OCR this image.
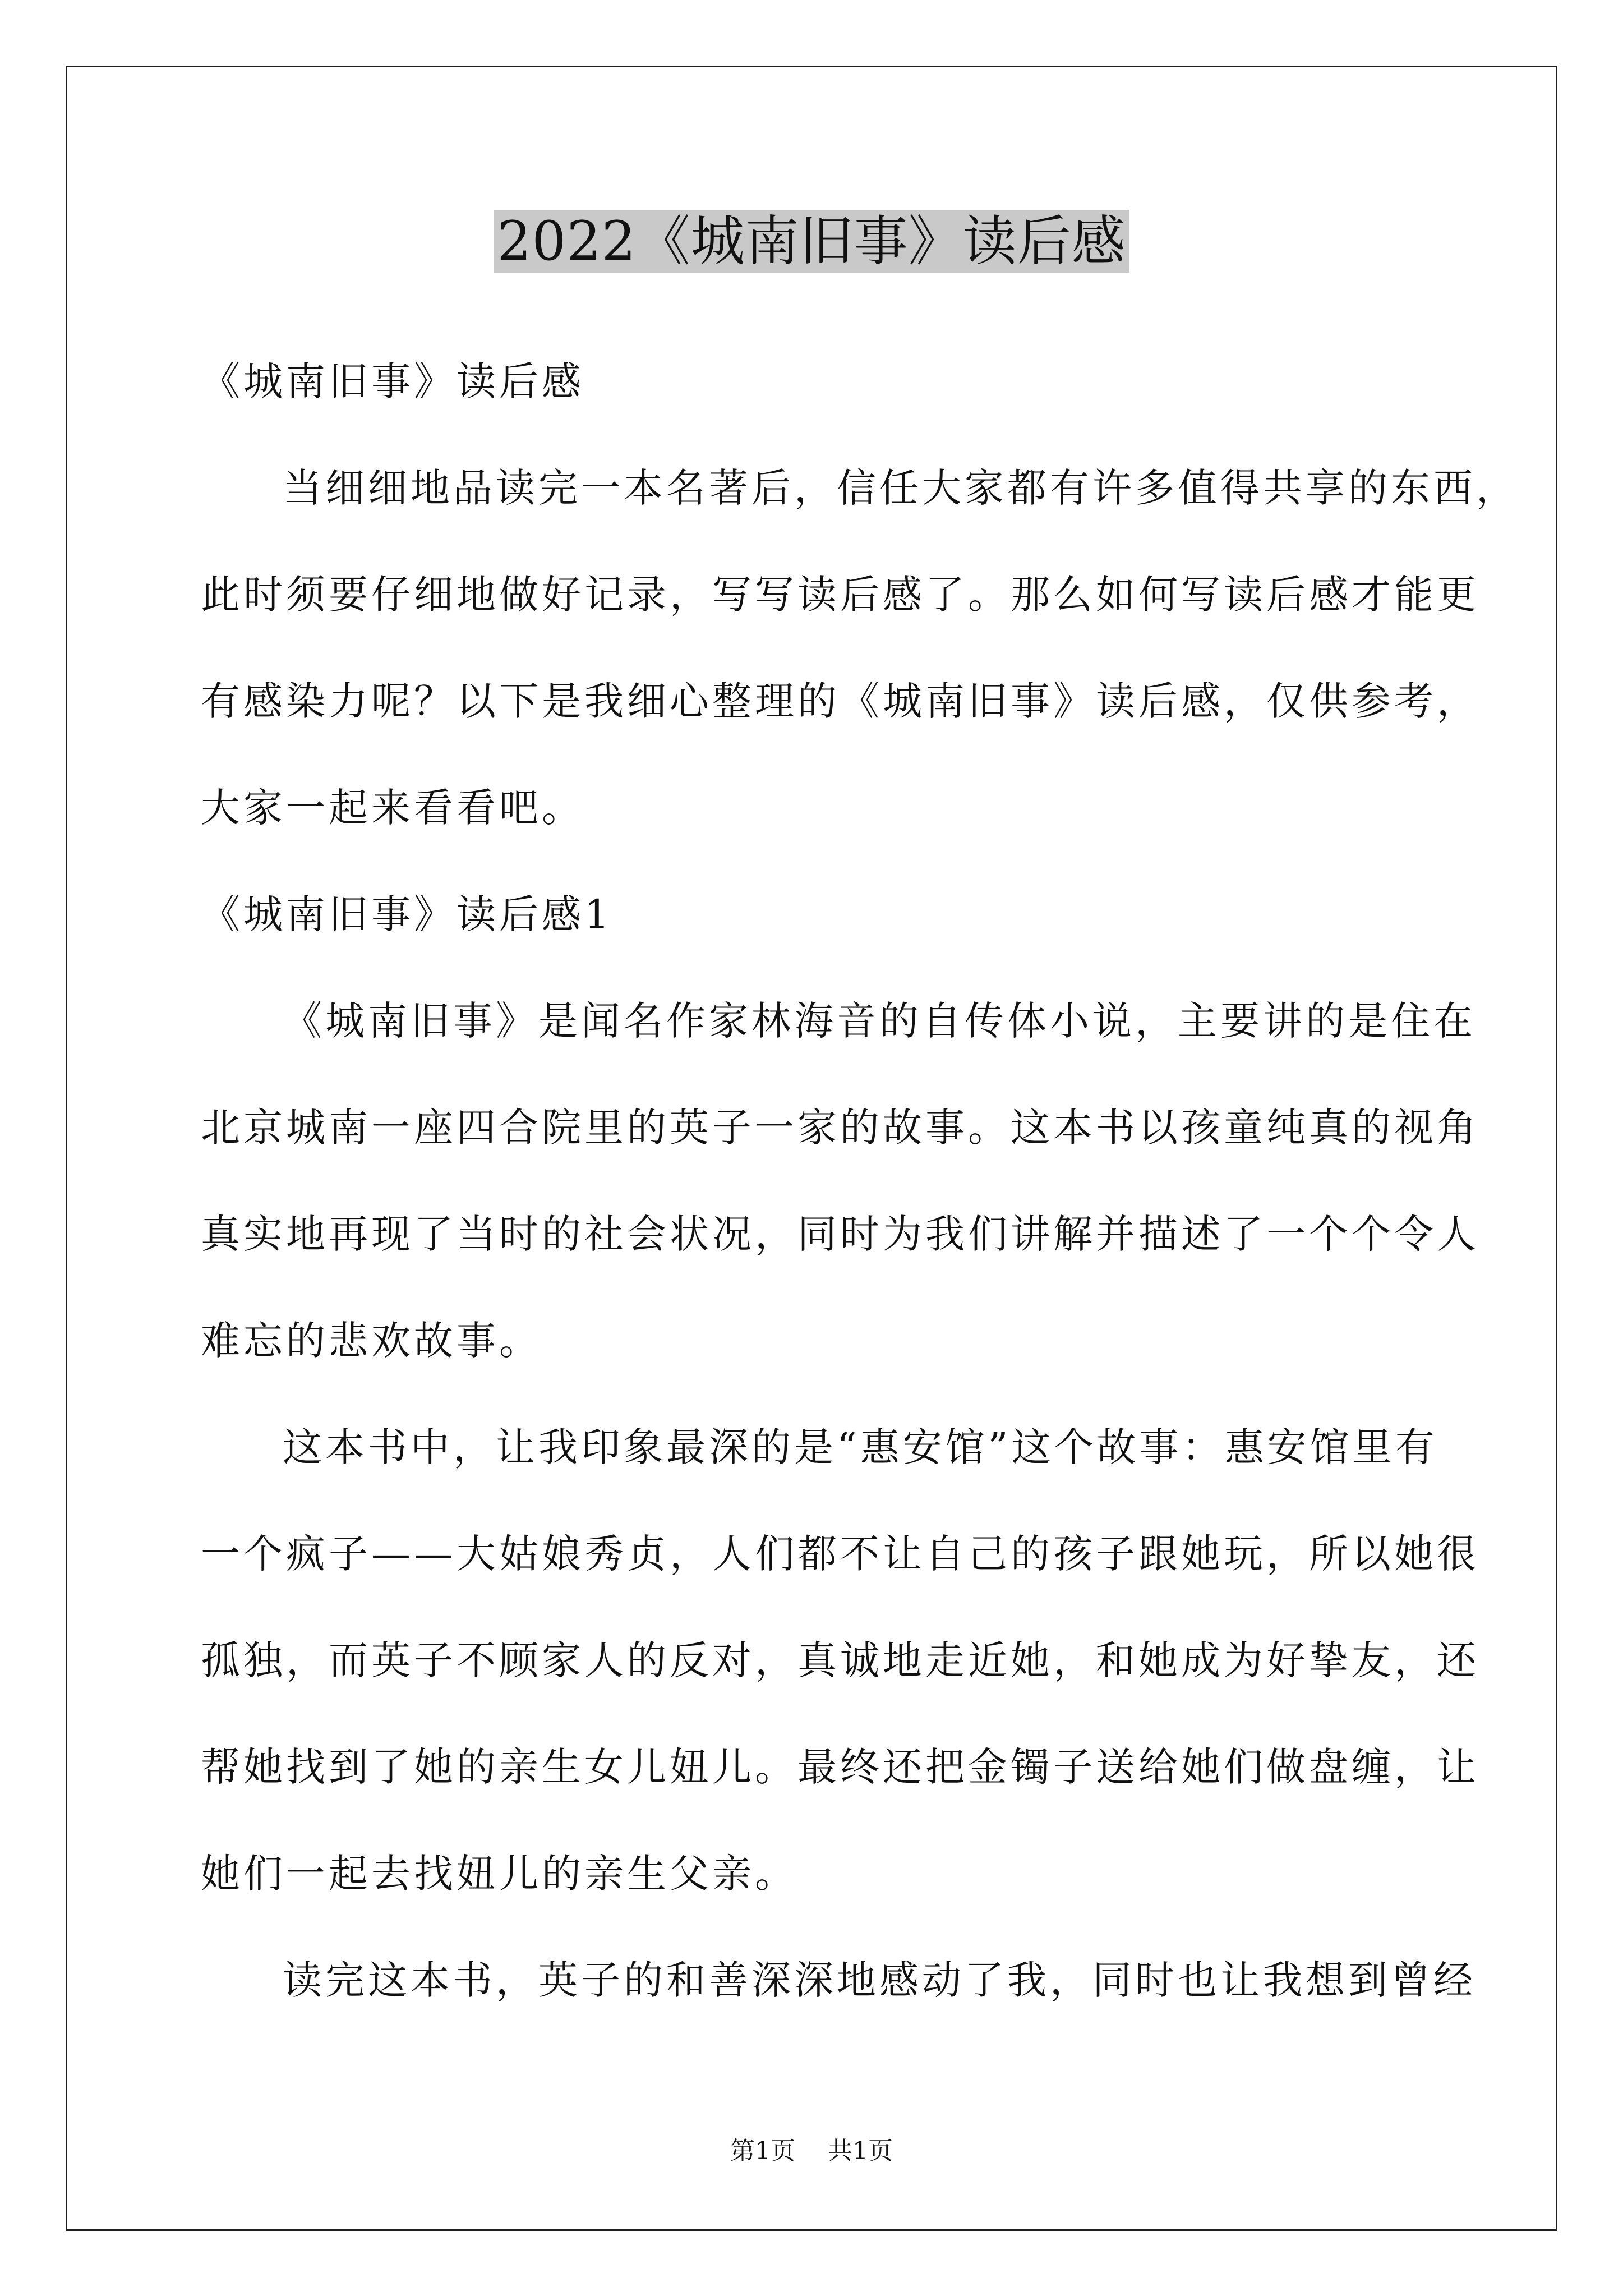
2022《城南旧事》读后感
《城南旧事》读后感
当细细地品读完一本名著后，信任大家都有许多值得共享的东西，
此时须要仔细地做好记录，写写读后感了。那么如何写读后感才能更
有感染力呢？以下是我细心整理的《城南旧事》读后感，仅供参考，
大家一起来看看吧。
《城南旧事》读后感1
《城南旧事》是闻名作家林海音的自传体小说，主要讲的是住在
北京城南一座四合院里的英子一家的故事。这本书以孩童纯真的视角
真实地再现了当时的社会状况，同时为我们讲解并描述了一个个令人
难忘的悲欢故事。
这本书中，让我印象最深的是“惠安馆”这个故事：惠安馆里有
一个疯子——大姑娘秀贞，人们都不让自己的孩子跟她玩，所以她很
孤独，而英子不顾家人的反对，真诚地走近她，和她成为好挚友，还
帮她找到了她的亲生女儿妞儿。最终还把金镯子送给她们做盘缠，让
她们一起去找妞儿的亲生父亲。
读完这本书，英子的和善深深地感动了我，同时也让我想到曾经
第1页 共1页
